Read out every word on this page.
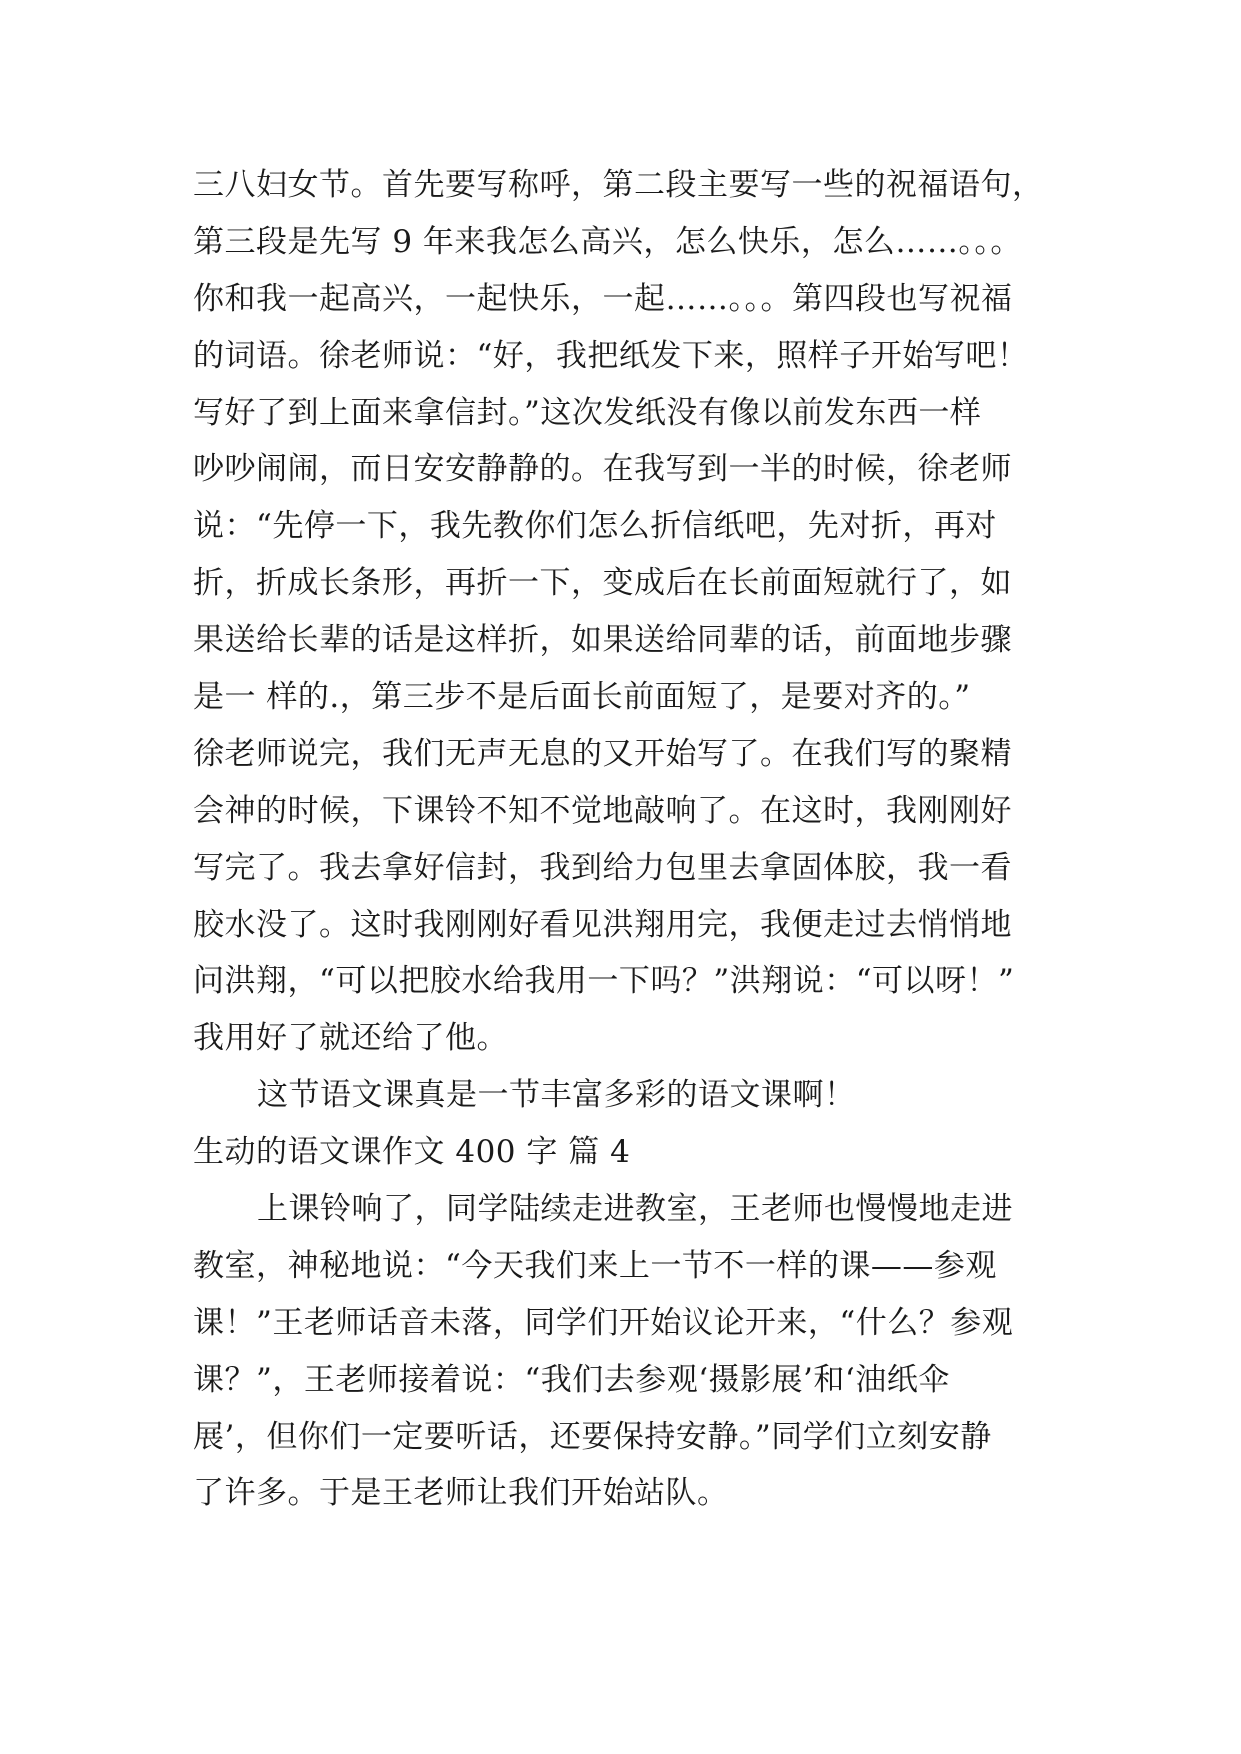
三八妇女节。首先要写称呼，第二段主要写一些的祝福语句，
第三段是先写 9 年来我怎么高兴，怎么快乐，怎么……。。。
你和我一起高兴，一起快乐，一起……。。。第四段也写祝福
的词语。徐老师说：“好，我把纸发下来，照样子开始写吧！
写好了到上面来拿信封。”这次发纸没有像以前发东西一样
吵吵闹闹，而日安安静静的。在我写到一半的时候，徐老师
说：“先停一下，我先教你们怎么折信纸吧，先对折，再对
折，折成长条形，再折一下，变成后在长前面短就行了，如
果送给长辈的话是这样折，如果送给同辈的话，前面地步骤
是一 样的.，第三步不是后面长前面短了，是要对齐的。”
徐老师说完，我们无声无息的又开始写了。在我们写的聚精
会神的时候，下课铃不知不觉地敲响了。在这时，我刚刚好
写完了。我去拿好信封，我到给力包里去拿固体胶，我一看
胶水没了。这时我刚刚好看见洪翔用完，我便走过去悄悄地
问洪翔，“可以把胶水给我用一下吗？”洪翔说：“可以呀！”
我用好了就还给了他。
这节语文课真是一节丰富多彩的语文课啊！
生动的语文课作文 400 字 篇 4
上课铃响了，同学陆续走进教室，王老师也慢慢地走进
教室，神秘地说：“今天我们来上一节不一样的课——参观
课！”王老师话音未落，同学们开始议论开来，“什么？参观
课？”，王老师接着说：“我们去参观‘摄影展’和‘油纸伞
展’，但你们一定要听话，还要保持安静。”同学们立刻安静
了许多。于是王老师让我们开始站队。
